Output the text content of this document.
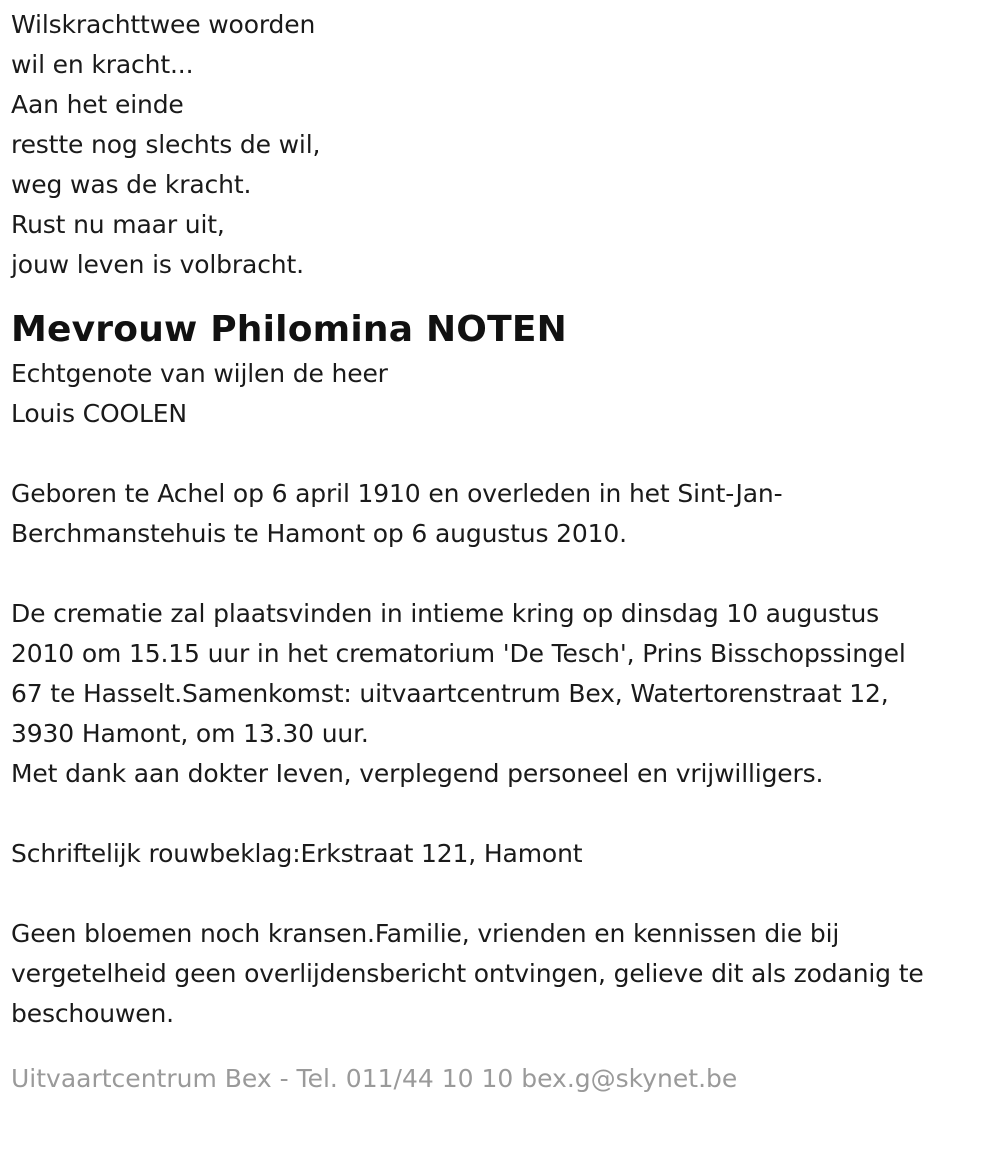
Wilskrachttwee woorden
wil en kracht...
Aan het einde
restte nog slechts de wil,
weg was de kracht.
Rust nu maar uit,
jouw leven is volbracht.
Mevrouw Philomina NOTEN
Echtgenote van wijlen de heer
Louis COOLEN
Geboren te Achel op 6 april 1910 en overleden in het Sint-Jan-
Berchmanstehuis te Hamont op 6 augustus 2010.
De crematie zal plaatsvinden in intieme kring op dinsdag 10 augustus
2010 om 15.15 uur in het crematorium 'De Tesch', Prins Bisschopssingel
67 te Hasselt.Samenkomst: uitvaartcentrum Bex, Watertorenstraat 12,
3930 Hamont, om 13.30 uur.
Met dank aan dokter Ieven, verplegend personeel en vrijwilligers.
Schriftelijk rouwbeklag:Erkstraat 121, Hamont
Geen bloemen noch kransen.Familie, vrienden en kennissen die bij
vergetelheid geen overlijdensbericht ontvingen, gelieve dit als zodanig te
beschouwen.
Uitvaartcentrum Bex - Tel. 011/44 10 10 bex.g@skynet.be
